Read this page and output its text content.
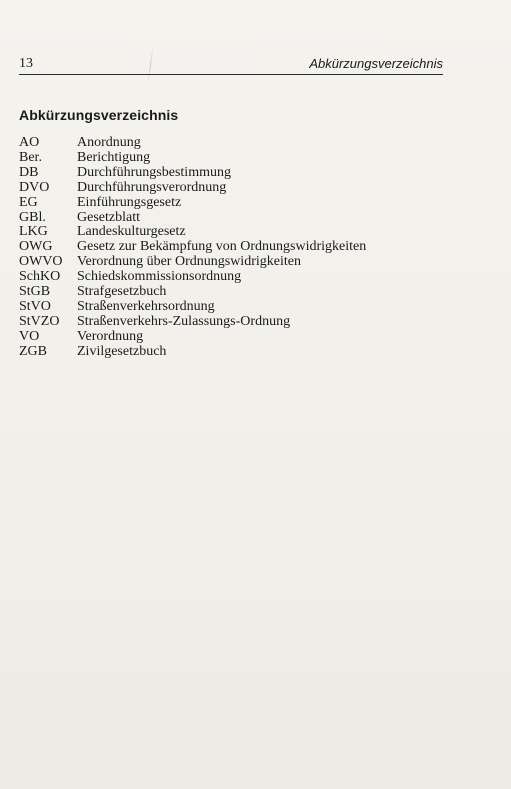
13	Abkürzungsverzeichnis
Abkürzungsverzeichnis
AO	Anordnung
Ber.	Berichtigung
DB	Durchführungsbestimmung
DVO	Durchführungsverordnung
EG	Einführungsgesetz
GBl.	Gesetzblatt
LKG	Landeskulturgesetz
OWG	Gesetz zur Bekämpfung von Ordnungswidrigkeiten
OWVO	Verordnung über Ordnungswidrigkeiten
SchKO	Schiedskommissionsordnung
StGB	Strafgesetzbuch
StVO	Straßenverkehrsordnung
StVZO	Straßenverkehrs-Zulassungs-Ordnung
VO	Verordnung
ZGB	Zivilgesetzbuch
